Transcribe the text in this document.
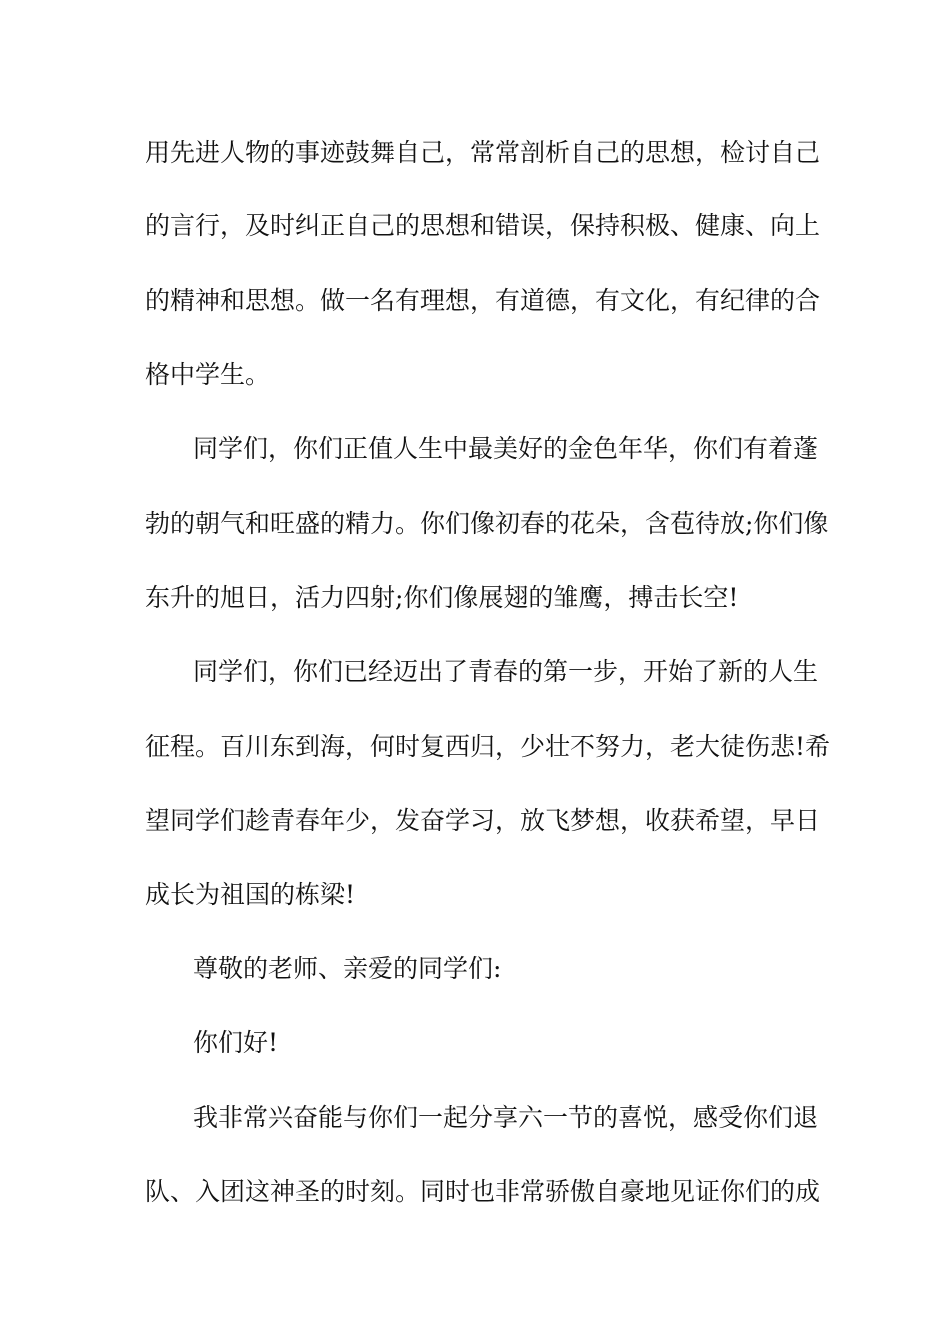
用先进人物的事迹鼓舞自己，常常剖析自己的思想，检讨自己
的言行，及时纠正自己的思想和错误，保持积极、健康、向上
的精神和思想。做一名有理想，有道德，有文化，有纪律的合
格中学生。
同学们，你们正值人生中最美好的金色年华，你们有着蓬
勃的朝气和旺盛的精力。你们像初春的花朵，含苞待放;你们像
东升的旭日，活力四射;你们像展翅的雏鹰，搏击长空!
同学们，你们已经迈出了青春的第一步，开始了新的人生
征程。百川东到海，何时复西归，少壮不努力，老大徒伤悲!希
望同学们趁青春年少，发奋学习，放飞梦想，收获希望，早日
成长为祖国的栋梁!
尊敬的老师、亲爱的同学们:
你们好!
我非常兴奋能与你们一起分享六一节的喜悦，感受你们退
队、入团这神圣的时刻。同时也非常骄傲自豪地见证你们的成
